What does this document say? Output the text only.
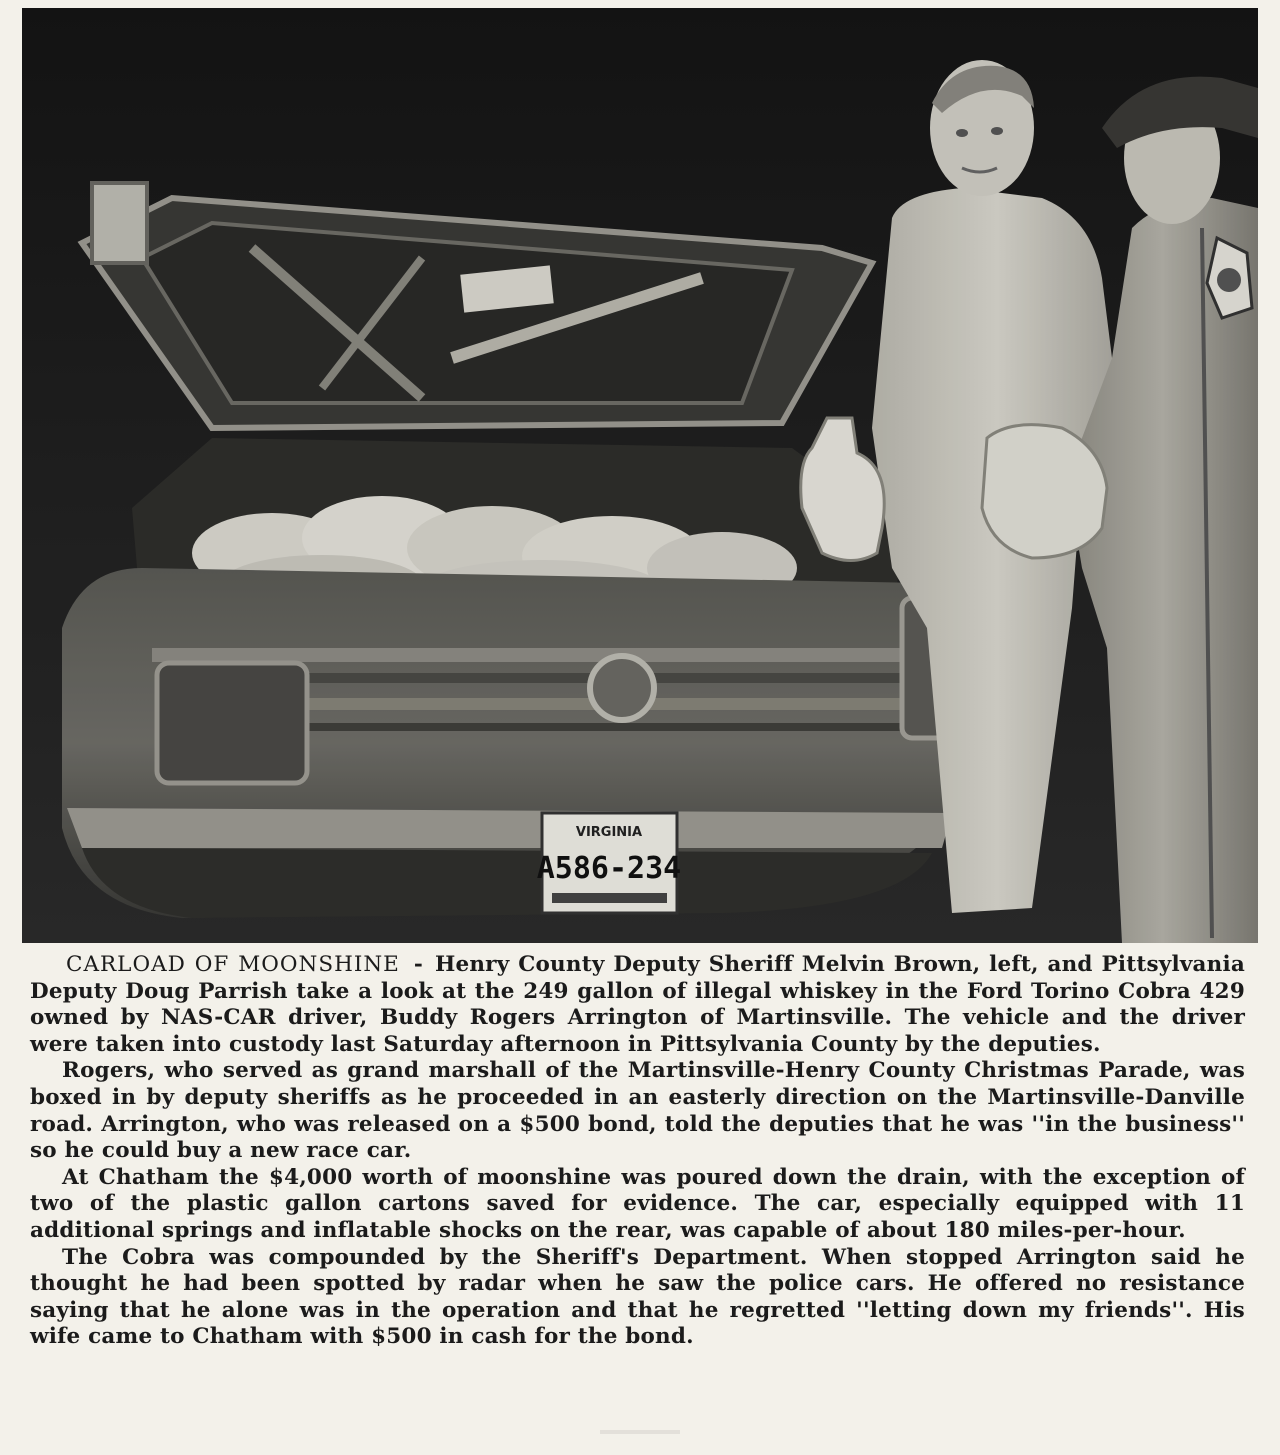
VIRGINIA
A586-234

CARLOAD OF MOONSHINE - Henry County Deputy Sheriff Melvin Brown, left, and Pittsylvania Deputy Doug Parrish take a look at the 249 gallon of illegal whiskey in the Ford Torino Cobra 429 owned by NAS-CAR driver, Buddy Rogers Arrington of Martinsville. The vehicle and the driver were taken into custody last Saturday afternoon in Pittsylvania County by the deputies.

Rogers, who served as grand marshall of the Martinsville-Henry County Christmas Parade, was boxed in by deputy sheriffs as he proceeded in an easterly direction on the Martinsville-Danville road. Arrington, who was released on a $500 bond, told the deputies that he was ''in the business'' so he could buy a new race car.

At Chatham the $4,000 worth of moonshine was poured down the drain, with the exception of two of the plastic gallon cartons saved for evidence. The car, especially equipped with 11 additional springs and inflatable shocks on the rear, was capable of about 180 miles-per-hour.

The Cobra was compounded by the Sheriff's Department. When stopped Arrington said he thought he had been spotted by radar when he saw the police cars. He offered no resistance saying that he alone was in the operation and that he regretted ''letting down my friends''. His wife came to Chatham with $500 in cash for the bond.
